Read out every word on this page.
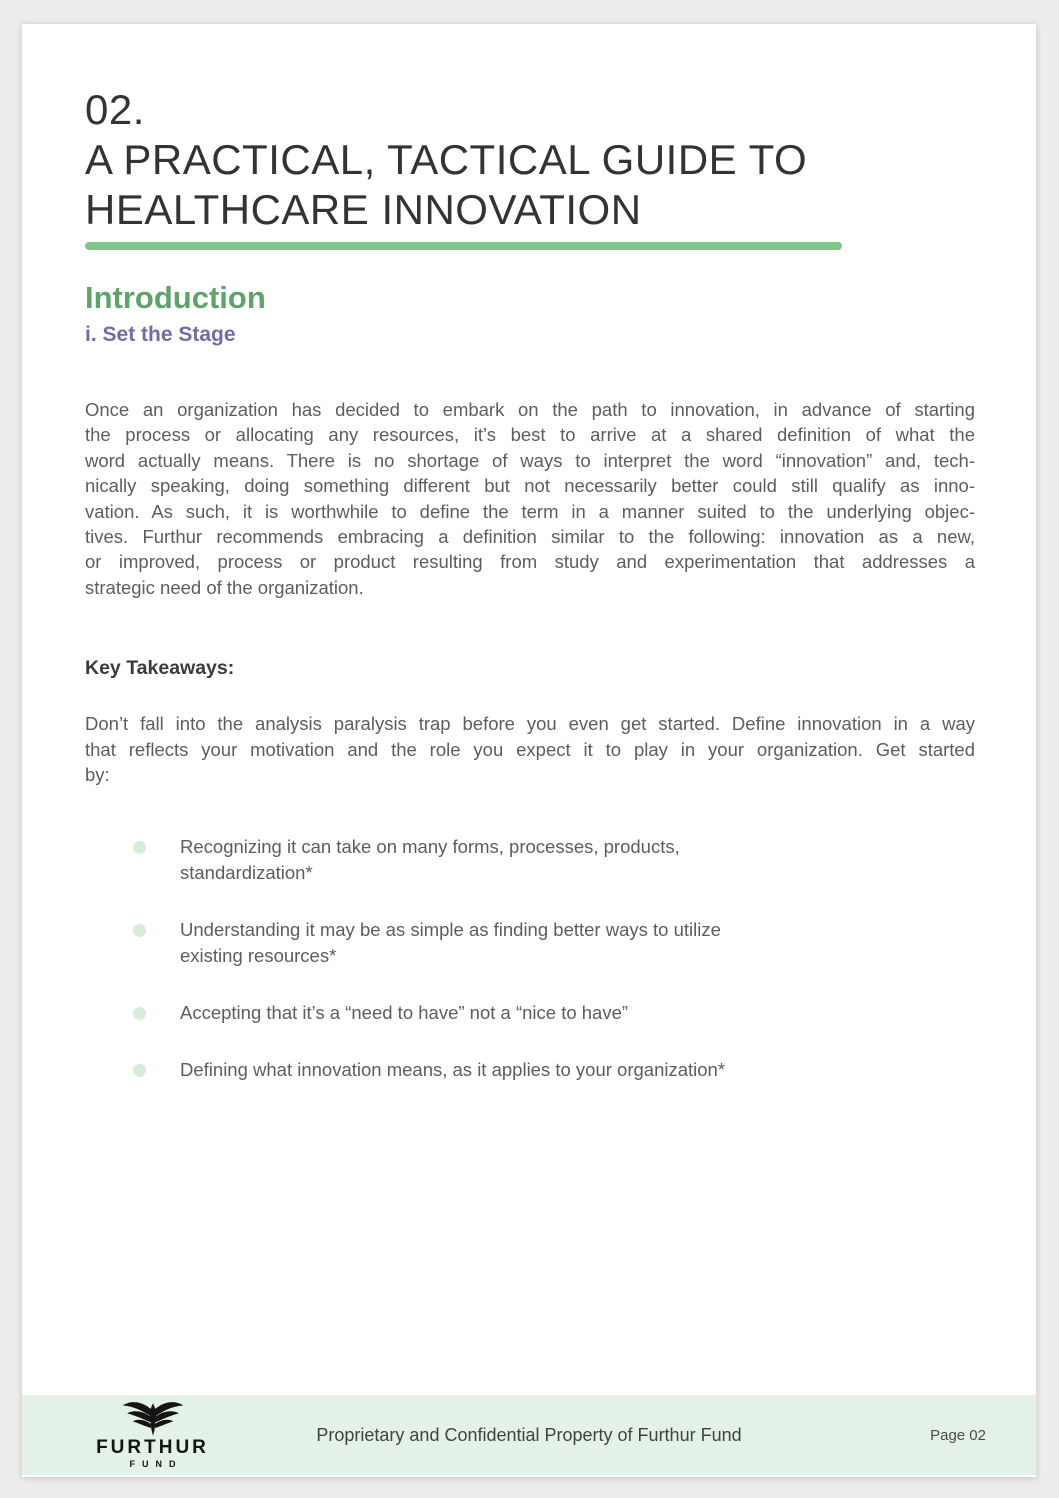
02.
A PRACTICAL, TACTICAL GUIDE TO
HEALTHCARE INNOVATION
Introduction
i. Set the Stage
Once an organization has decided to embark on the path to innovation, in advance of starting
the process or allocating any resources, it’s best to arrive at a shared definition of what the
word actually means. There is no shortage of ways to interpret the word “innovation” and, tech-
nically speaking, doing something different but not necessarily better could still qualify as inno-
vation. As such, it is worthwhile to define the term in a manner suited to the underlying objec-
tives. Furthur recommends embracing a definition similar to the following: innovation as a new,
or improved, process or product resulting from study and experimentation that addresses a
strategic need of the organization.
Key Takeaways:
Don’t fall into the analysis paralysis trap before you even get started. Define innovation in a way
that reflects your motivation and the role you expect it to play in your organization. Get started
by:
Recognizing it can take on many forms, processes, products,
standardization*
Understanding it may be as simple as finding better ways to utilize
existing resources*
Accepting that it’s a “need to have” not a “nice to have”
Defining what innovation means, as it applies to your organization*
FURTHUR
FUND
Proprietary and Confidential Property of Furthur Fund	Page 02
